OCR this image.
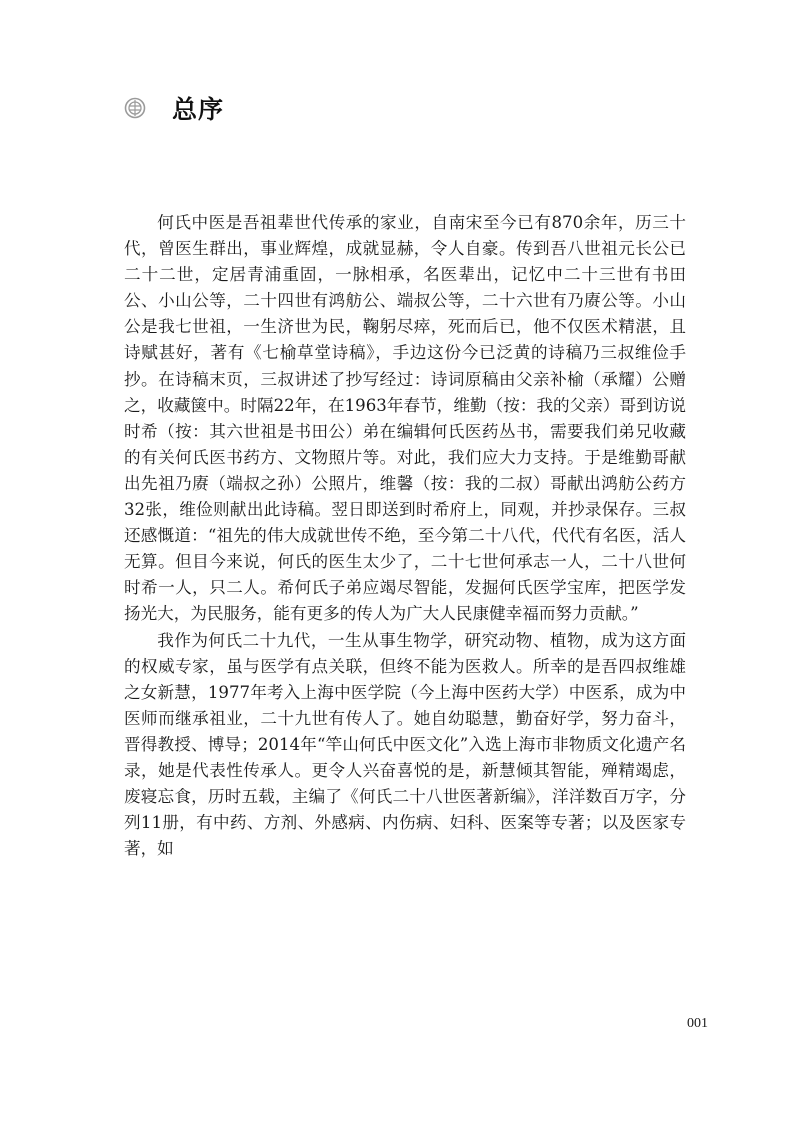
总序

何氏中医是吾祖辈世代传承的家业，自南宋至今已有870余年，历三十代，曾医生群出，事业辉煌，成就显赫，令人自豪。传到吾八世祖元长公已二十二世，定居青浦重固，一脉相承，名医辈出，记忆中二十三世有书田公、小山公等，二十四世有鸿舫公、端叔公等，二十六世有乃赓公等。小山公是我七世祖，一生济世为民，鞠躬尽瘁，死而后已，他不仅医术精湛，且诗赋甚好，著有《七榆草堂诗稿》，手边这份今已泛黄的诗稿乃三叔维俭手抄。在诗稿末页，三叔讲述了抄写经过：诗词原稿由父亲补榆（承耀）公赠之，收藏箧中。时隔22年，在1963年春节，维勤（按：我的父亲）哥到访说时希（按：其六世祖是书田公）弟在编辑何氏医药丛书，需要我们弟兄收藏的有关何氏医书药方、文物照片等。对此，我们应大力支持。于是维勤哥献出先祖乃赓（端叔之孙）公照片，维馨（按：我的二叔）哥献出鸿舫公药方32张，维俭则献出此诗稿。翌日即送到时希府上，同观，并抄录保存。三叔还感慨道：“祖先的伟大成就世传不绝，至今第二十八代，代代有名医，活人无算。但目今来说，何氏的医生太少了，二十七世何承志一人，二十八世何时希一人，只二人。希何氏子弟应竭尽智能，发掘何氏医学宝库，把医学发扬光大，为民服务，能有更多的传人为广大人民康健幸福而努力贡献。”

我作为何氏二十九代，一生从事生物学，研究动物、植物，成为这方面的权威专家，虽与医学有点关联，但终不能为医救人。所幸的是吾四叔维雄之女新慧，1977年考入上海中医学院（今上海中医药大学）中医系，成为中医师而继承祖业，二十九世有传人了。她自幼聪慧，勤奋好学，努力奋斗，晋得教授、博导；2014年“竿山何氏中医文化”入选上海市非物质文化遗产名录，她是代表性传承人。更令人兴奋喜悦的是，新慧倾其智能，殚精竭虑，废寝忘食，历时五载，主编了《何氏二十八世医著新编》，洋洋数百万字，分列11册，有中药、方剂、外感病、内伤病、妇科、医案等专著；以及医家专著，如

001
